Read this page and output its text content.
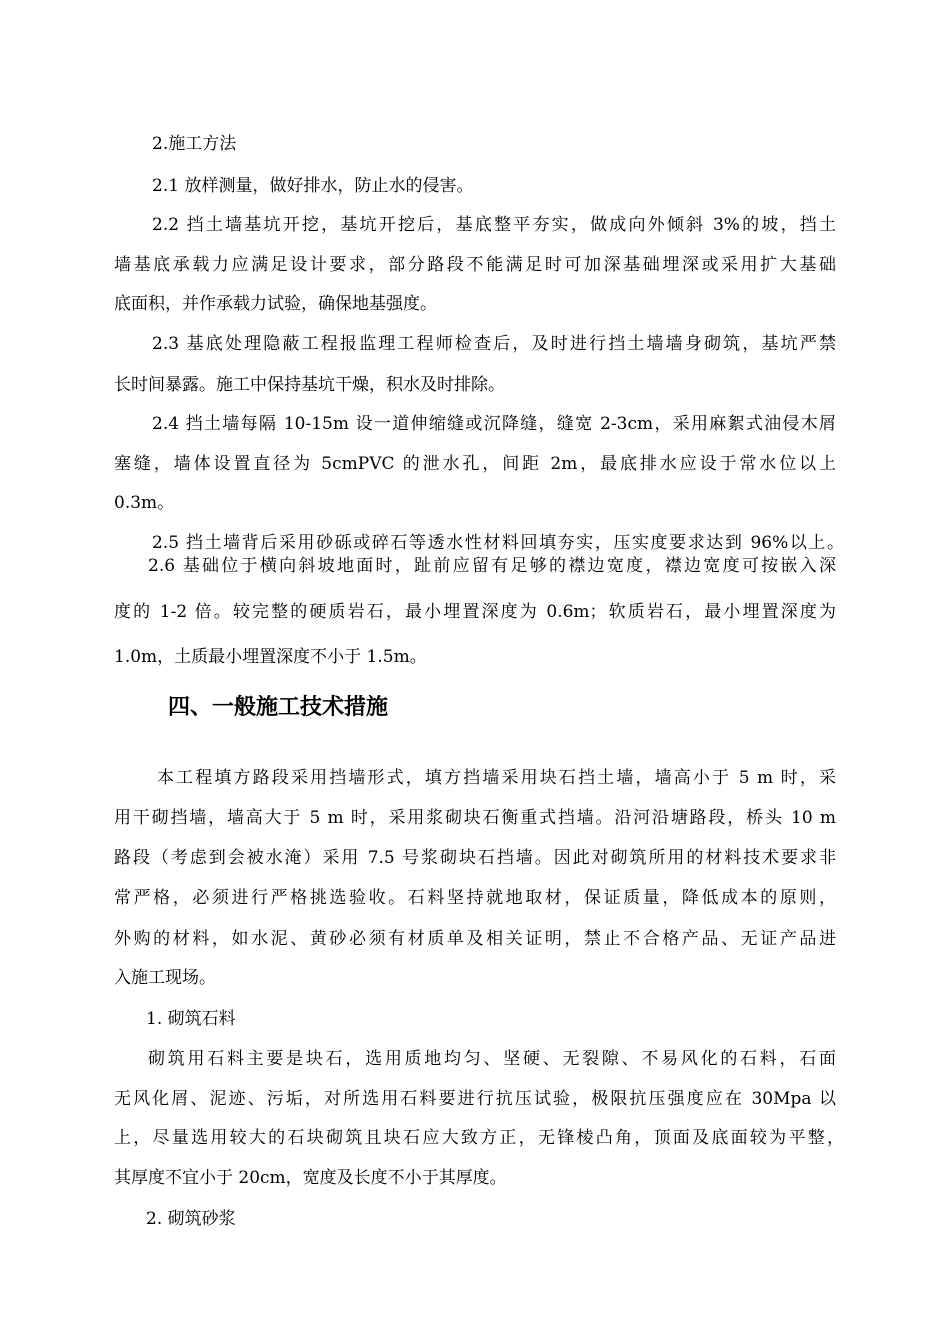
2.施工方法
2.1 放样测量，做好排水，防止水的侵害。
2.2 挡土墙基坑开挖，基坑开挖后，基底整平夯实，做成向外倾斜 3%的坡，挡土
墙基底承载力应满足设计要求，部分路段不能满足时可加深基础埋深或采用扩大基础
底面积，并作承载力试验，确保地基强度。
2.3 基底处理隐蔽工程报监理工程师检查后，及时进行挡土墙墙身砌筑，基坑严禁
长时间暴露。施工中保持基坑干燥，积水及时排除。
2.4 挡土墙每隔 10-15m 设一道伸缩缝或沉降缝，缝宽 2-3cm，采用麻絮式油侵木屑
塞缝，墙体设置直径为 5cmPVC 的泄水孔，间距 2m，最底排水应设于常水位以上
0.3m。
2.5 挡土墙背后采用砂砾或碎石等透水性材料回填夯实，压实度要求达到 96%以上。
2.6 基础位于横向斜坡地面时，趾前应留有足够的襟边宽度，襟边宽度可按嵌入深
度的 1-2 倍。较完整的硬质岩石，最小埋置深度为 0.6m；软质岩石，最小埋置深度为
1.0m，土质最小埋置深度不小于 1.5m。
四、一般施工技术措施
本工程填方路段采用挡墙形式，填方挡墙采用块石挡土墙，墙高小于 5 m 时，采
用干砌挡墙，墙高大于 5 m 时，采用浆砌块石衡重式挡墙。沿河沿塘路段，桥头 10 m
路段（考虑到会被水淹）采用 7.5 号浆砌块石挡墙。因此对砌筑所用的材料技术要求非
常严格，必须进行严格挑选验收。石料坚持就地取材，保证质量，降低成本的原则，
外购的材料，如水泥、黄砂必须有材质单及相关证明，禁止不合格产品、无证产品进
入施工现场。
1. 砌筑石料
砌筑用石料主要是块石，选用质地均匀、坚硬、无裂隙、不易风化的石料，石面
无风化屑、泥迹、污垢，对所选用石料要进行抗压试验，极限抗压强度应在 30Mpa 以
上，尽量选用较大的石块砌筑且块石应大致方正，无锋棱凸角，顶面及底面较为平整，
其厚度不宜小于 20cm，宽度及长度不小于其厚度。
2. 砌筑砂浆
